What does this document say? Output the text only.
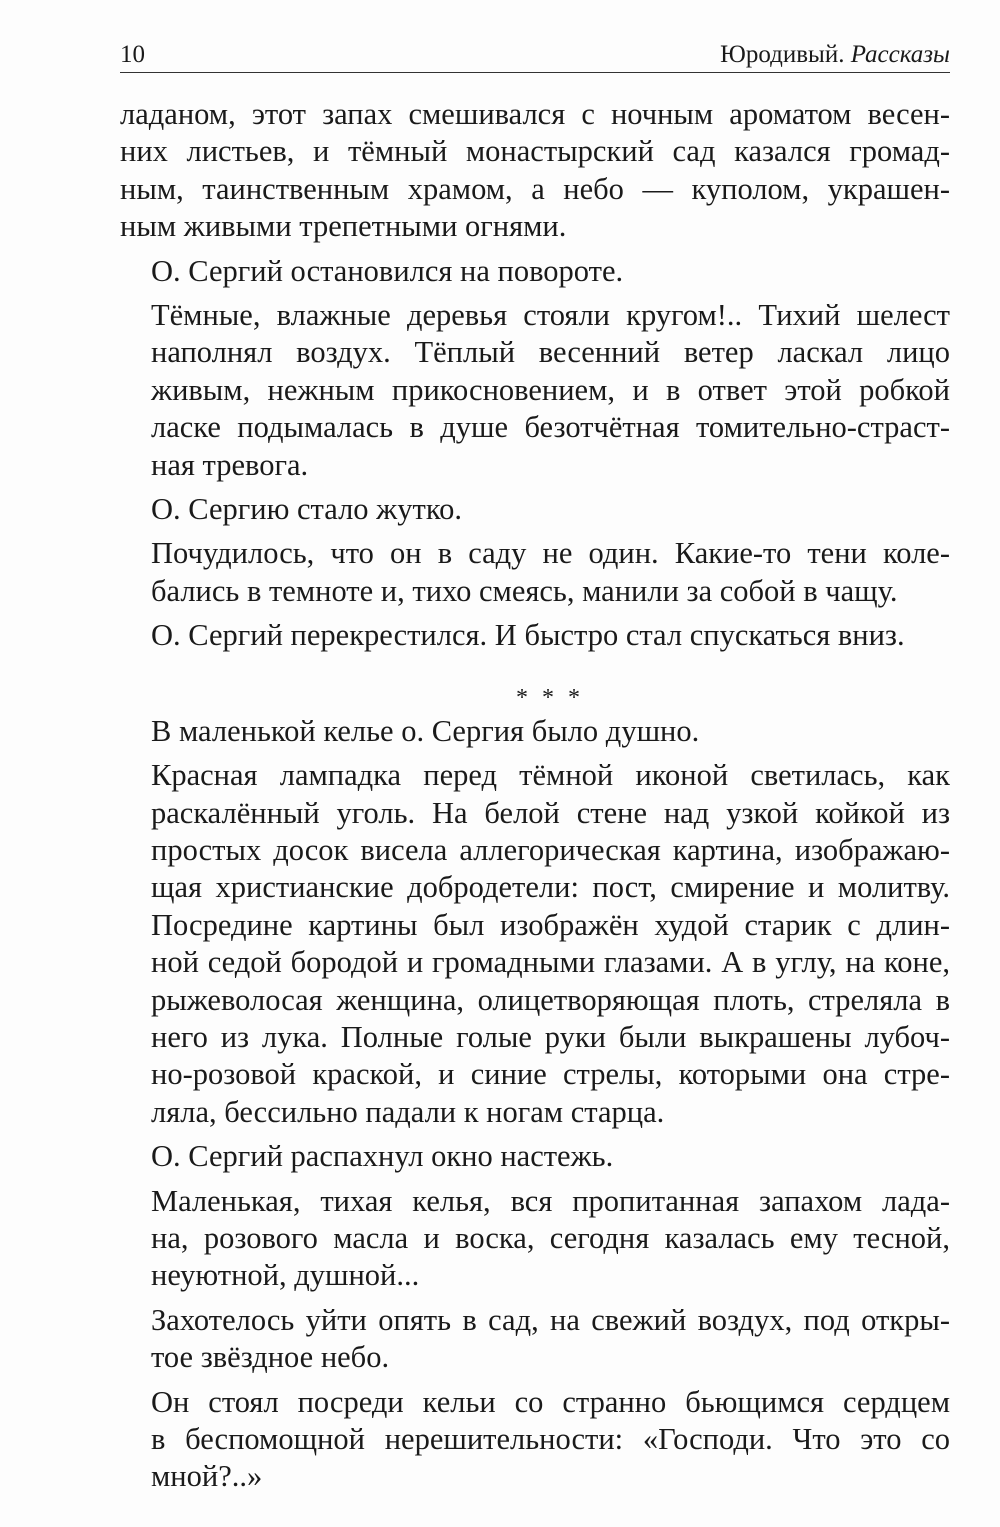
10	Юродивый. Рассказы
ладаном, этот запах смешивался с ночным ароматом весен-
них листьев, и тёмный монастырский сад казался громад-
ным, таинственным храмом, а небо — куполом, украшен-
ным живыми трепетными огнями.
О. Сергий остановился на повороте.
Тёмные, влажные деревья стояли кругом!.. Тихий шелест
наполнял воздух. Тёплый весенний ветер ласкал лицо
живым, нежным прикосновением, и в ответ этой робкой
ласке подымалась в душе безотчётная томительно-страст-
ная тревога.
О. Сергию стало жутко.
Почудилось, что он в саду не один. Какие-то тени коле-
бались в темноте и, тихо смеясь, манили за собой в чащу.
О. Сергий перекрестился. И быстро стал спускаться вниз.
* * *
В маленькой келье о. Сергия было душно.
Красная лампадка перед тёмной иконой светилась, как
раскалённый уголь. На белой стене над узкой койкой из
простых досок висела аллегорическая картина, изображаю-
щая христианские добродетели: пост, смирение и молитву.
Посредине картины был изображён худой старик с длин-
ной седой бородой и громадными глазами. А в углу, на коне,
рыжеволосая женщина, олицетворяющая плоть, стреляла в
него из лука. Полные голые руки были выкрашены лубоч-
но-розовой краской, и синие стрелы, которыми она стре-
ляла, бессильно падали к ногам старца.
О. Сергий распахнул окно настежь.
Маленькая, тихая келья, вся пропитанная запахом лада-
на, розового масла и воска, сегодня казалась ему тесной,
неуютной, душной...
Захотелось уйти опять в сад, на свежий воздух, под откры-
тое звёздное небо.
Он стоял посреди кельи со странно бьющимся сердцем
в беспомощной нерешительности: «Господи. Что это со
мной?..»
